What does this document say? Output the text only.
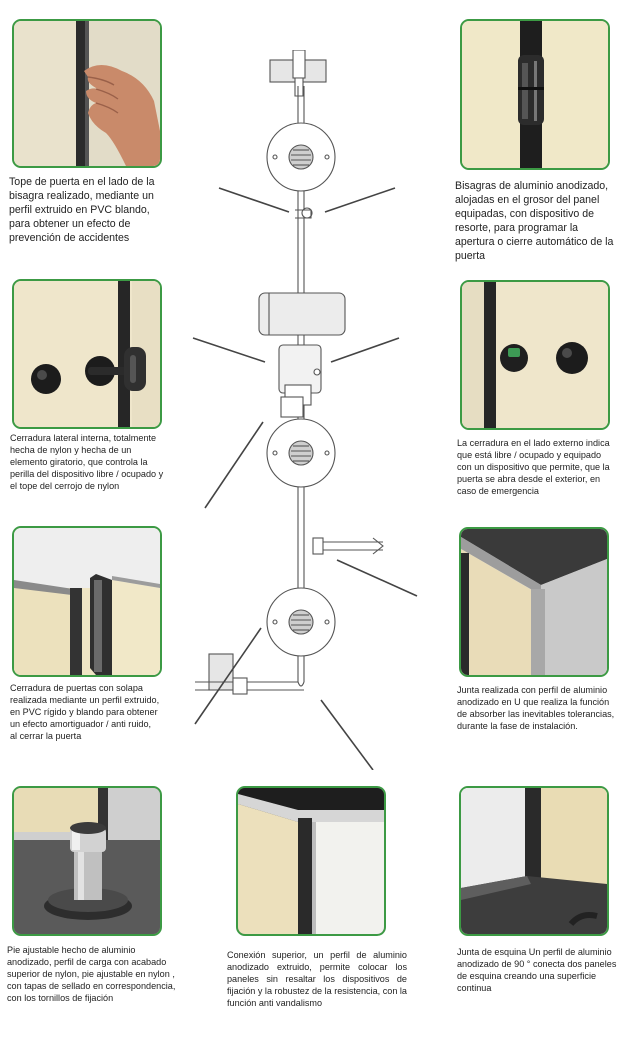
Tope de puerta en el lado de la bisagra realizado, mediante un perfil extruido en PVC blando, para obtener un efecto de prevención de accidentes

Bisagras de aluminio anodizado, alojadas en el grosor del panel equipadas, con dispositivo de resorte, para programar la apertura o cierre automático de la puerta

Cerradura lateral interna, totalmente hecha de nylon y hecha de un elemento giratorio, que controla la perilla del dispositivo libre / ocupado y el tope del cerrojo de nylon

La cerradura en el lado externo indica que está libre / ocupado y equipado con un dispositivo que permite, que la puerta se abra desde el exterior, en caso de emergencia

Cerradura de puertas con solapa realizada mediante un perfil extruido, en PVC rígido y blando para obtener un efecto amortiguador / anti ruido, al cerrar la puerta

Junta realizada con perfil de aluminio anodizado en U que realiza la función de absorber las inevitables tolerancias, durante la fase de instalación.

Pie ajustable hecho de aluminio anodizado, perfil de carga con acabado superior de nylon, pie ajustable en nylon , con tapas de sellado en correspondencia, con los tornillos de fijación

Conexión superior, un perfil de aluminio anodizado extruido, permite colocar los paneles sin resaltar los dispositivos de fijación y la robustez de la resistencia, con la función anti vandalismo

Junta de esquina Un perfil de aluminio anodizado de 90 ° conecta dos paneles de esquina creando una superficie continua
